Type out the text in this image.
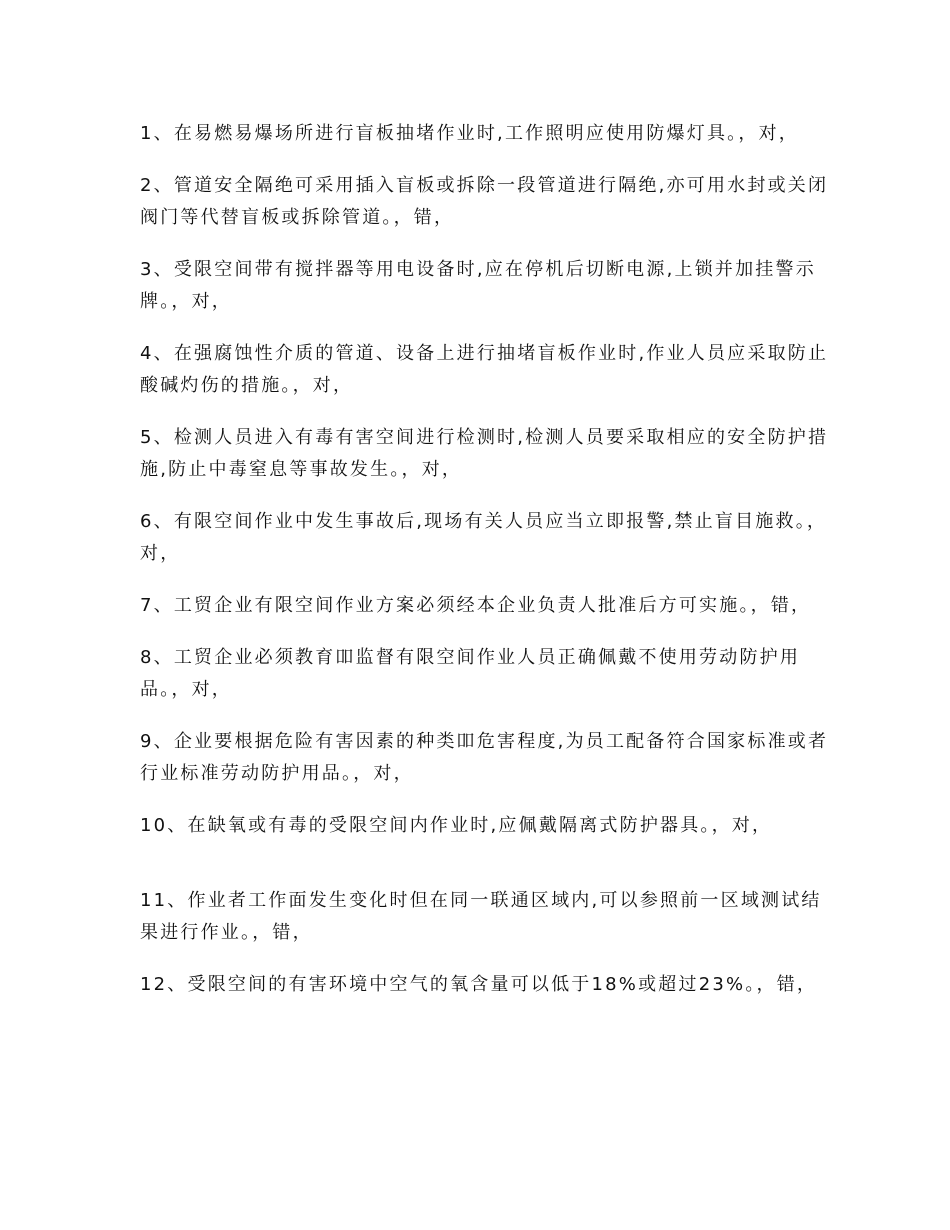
1、在易燃易爆场所进行盲板抽堵作业时,工作照明应使用防爆灯具。，对，

2、管道安全隔绝可采用插入盲板或拆除一段管道进行隔绝,亦可用水封或关闭阀门等代替盲板或拆除管道。，错，

3、受限空间带有搅拌器等用电设备时,应在停机后切断电源,上锁并加挂警示牌。，对，

4、在强腐蚀性介质的管道、设备上进行抽堵盲板作业时,作业人员应采取防止酸碱灼伤的措施。，对，

5、检测人员进入有毒有害空间进行检测时,检测人员要采取相应的安全防护措施,防止中毒窒息等事故发生。，对，

6、有限空间作业中发生事故后,现场有关人员应当立即报警,禁止盲目施救。，对，

7、工贸企业有限空间作业方案必须经本企业负责人批准后方可实施。，错，

8、工贸企业必须教育吅监督有限空间作业人员正确佩戴不使用劳动防护用品。，对，

9、企业要根据危险有害因素的种类吅危害程度,为员工配备符合国家标准或者行业标准劳动防护用品。，对，

10、在缺氧或有毒的受限空间内作业时,应佩戴隔离式防护器具。，对，

11、作业者工作面发生变化时但在同一联通区域内,可以参照前一区域测试结果进行作业。，错，

12、受限空间的有害环境中空气的氧含量可以低于18%或超过23%。，错，
